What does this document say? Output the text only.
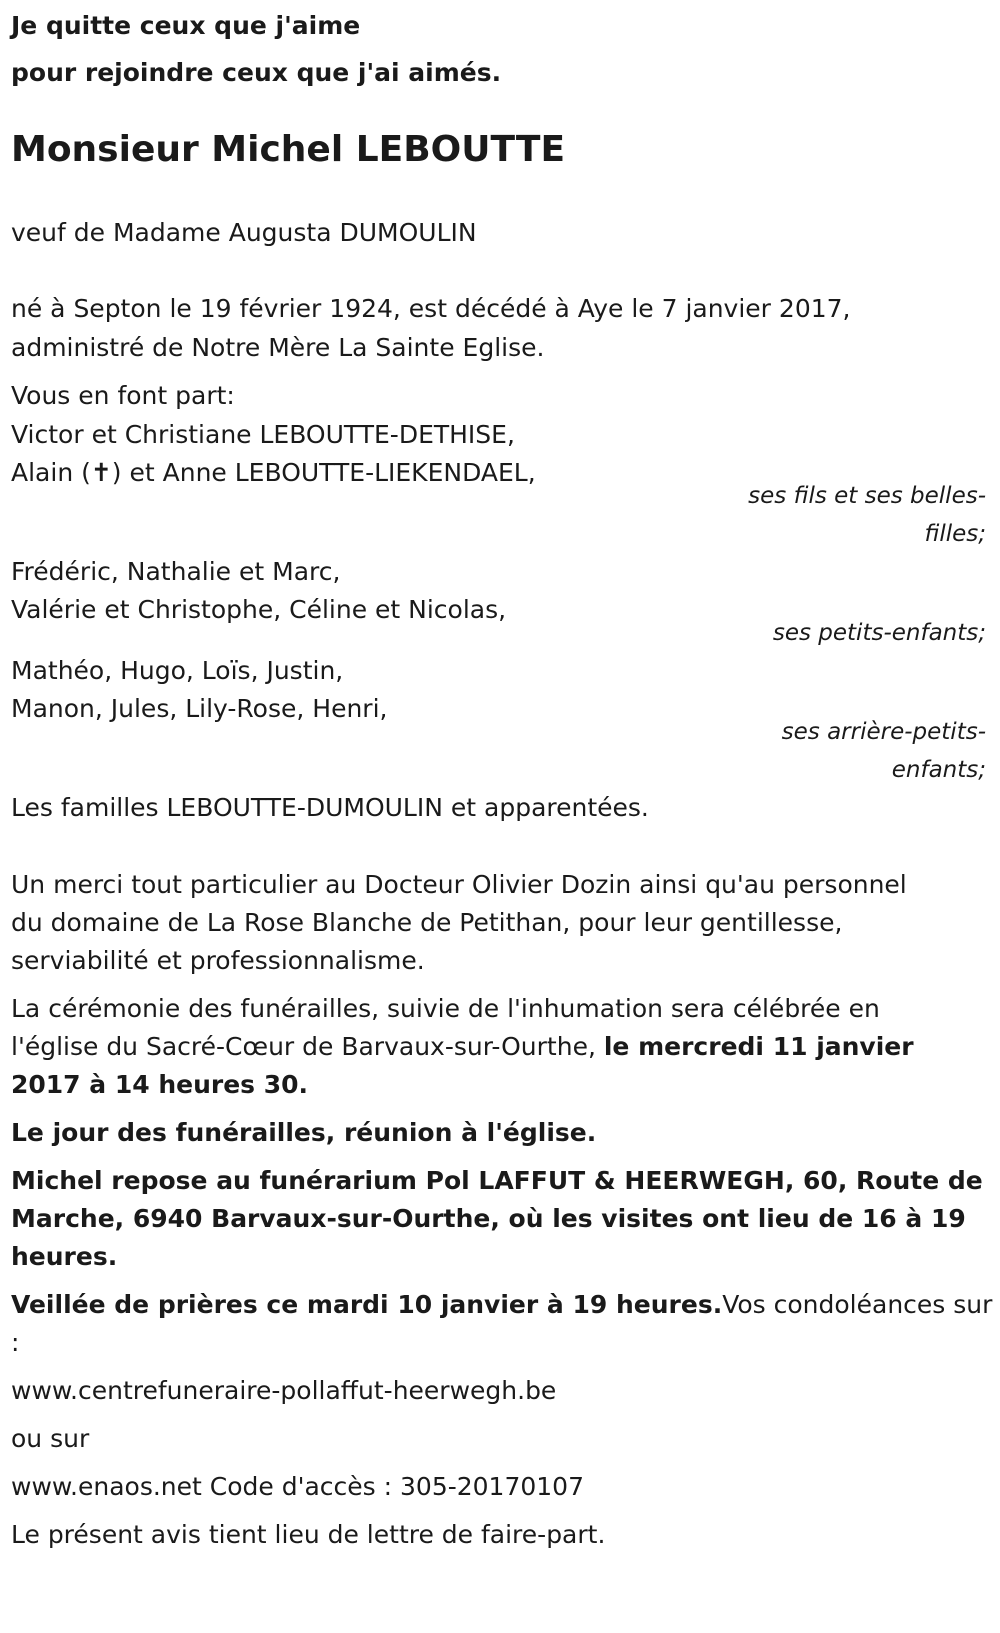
Je quitte ceux que j'aime

pour rejoindre ceux que j'ai aimés.

Monsieur Michel LEBOUTTE

veuf de Madame Augusta DUMOULIN

né à Septon le 19 février 1924, est décédé à Aye le 7 janvier 2017,

administré de Notre Mère La Sainte Eglise.

Vous en font part:

Victor et Christiane LEBOUTTE-DETHISE,

Alain (✝) et Anne LEBOUTTE-LIEKENDAEL,

ses fils et ses belles-

filles;

Frédéric, Nathalie et Marc,

Valérie et Christophe, Céline et Nicolas,

ses petits-enfants;

Mathéo, Hugo, Loïs, Justin,

Manon, Jules, Lily-Rose, Henri,

ses arrière-petits-

enfants;

Les familles LEBOUTTE-DUMOULIN et apparentées.

Un merci tout particulier au Docteur Olivier Dozin ainsi qu'au personnel

du domaine de La Rose Blanche de Petithan, pour leur gentillesse,

serviabilité et professionnalisme.

La cérémonie des funérailles, suivie de l'inhumation sera célébrée en

l'église du Sacré-Cœur de Barvaux-sur-Ourthe, le mercredi 11 janvier

2017 à 14 heures 30.

Le jour des funérailles, réunion à l'église.

Michel repose au funérarium Pol LAFFUT & HEERWEGH, 60, Route de

Marche, 6940 Barvaux-sur-Ourthe, où les visites ont lieu de 16 à 19

heures.

Veillée de prières ce mardi 10 janvier à 19 heures.Vos condoléances sur

:

www.centrefuneraire-pollaffut-heerwegh.be

ou sur

www.enaos.net Code d'accès : 305-20170107

Le présent avis tient lieu de lettre de faire-part.
